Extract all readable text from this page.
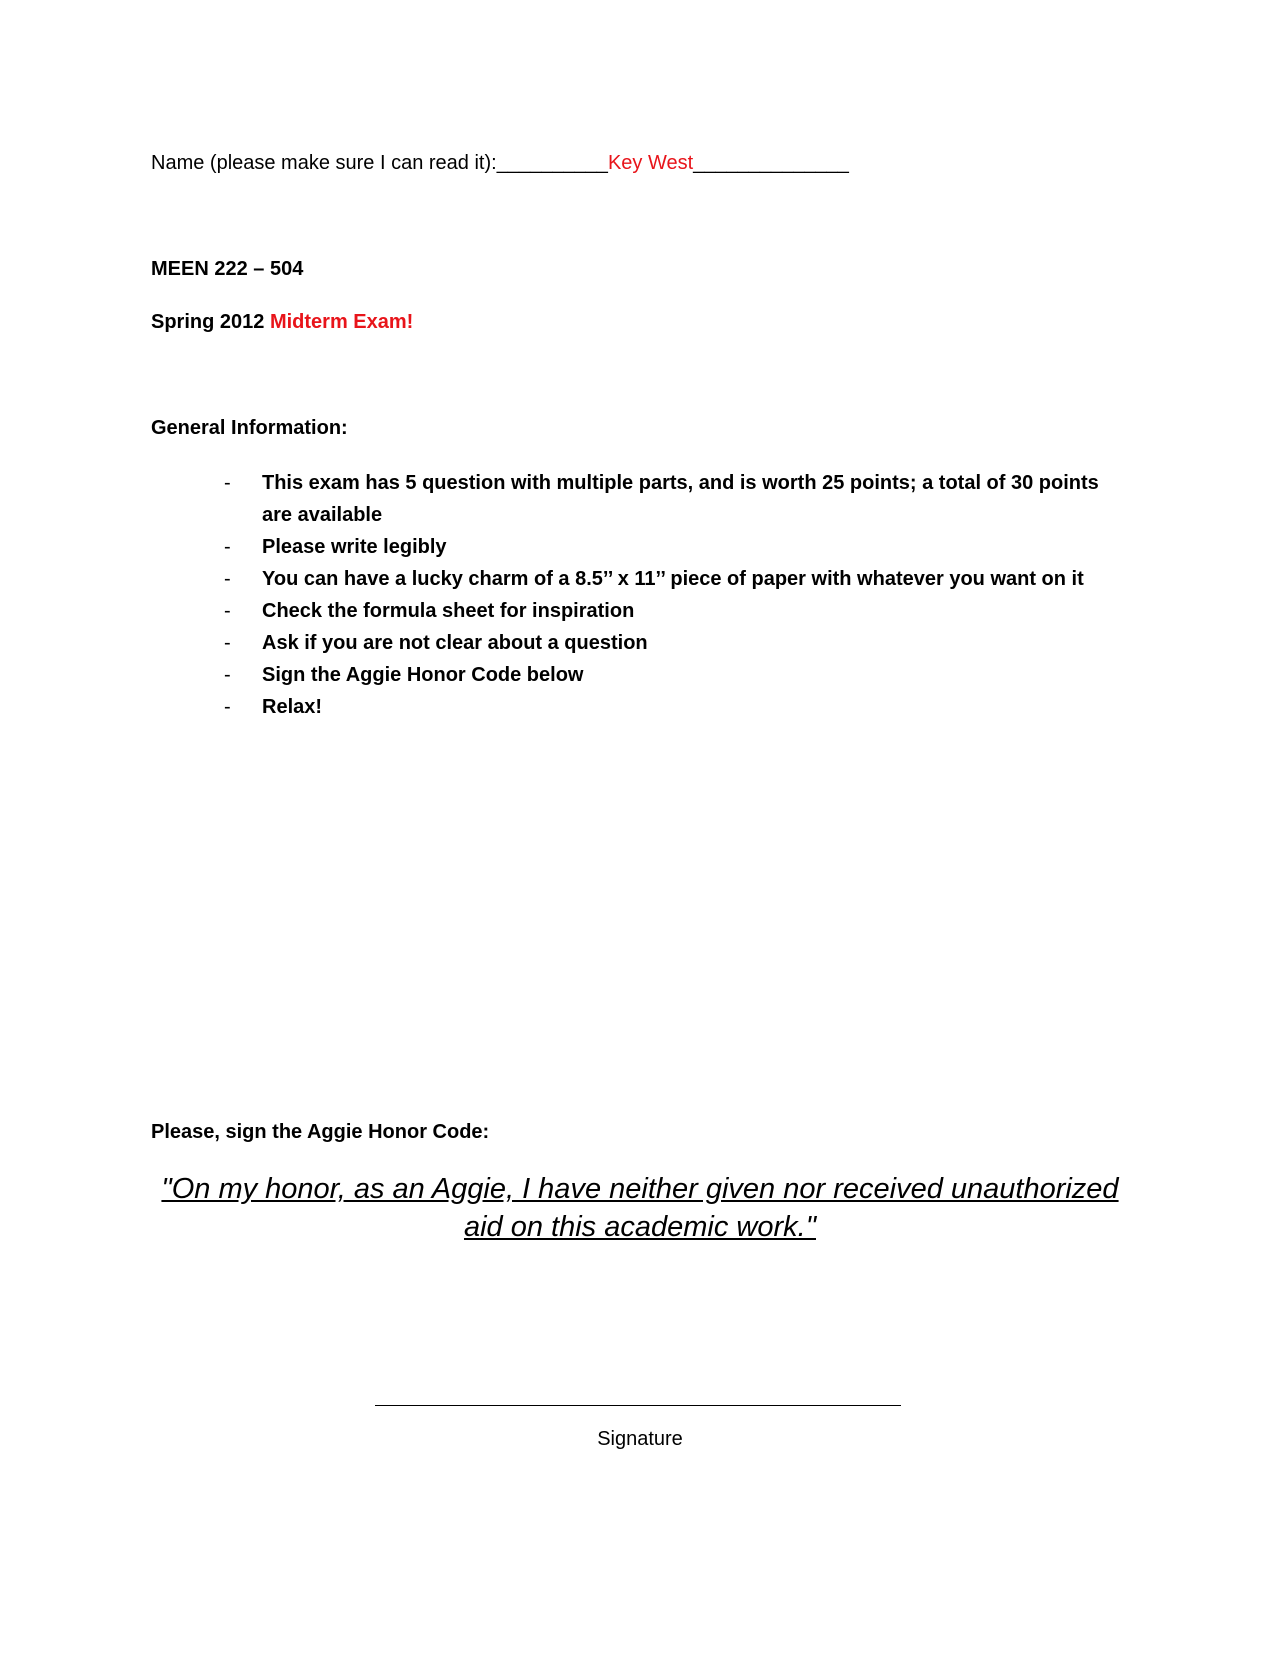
Name (please make sure I can read it):__________Key West______________
MEEN 222 – 504
Spring 2012 Midterm Exam!
General Information:
- This exam has 5 question with multiple parts, and is worth 25 points; a total of 30 points are available
- Please write legibly
- You can have a lucky charm of a 8.5’’ x 11’’ piece of paper with whatever you want on it
- Check the formula sheet for inspiration
- Ask if you are not clear about a question
- Sign the Aggie Honor Code below
- Relax!
Please, sign the Aggie Honor Code:
"On my honor, as an Aggie, I have neither given nor received unauthorized aid on this academic work."
Signature
